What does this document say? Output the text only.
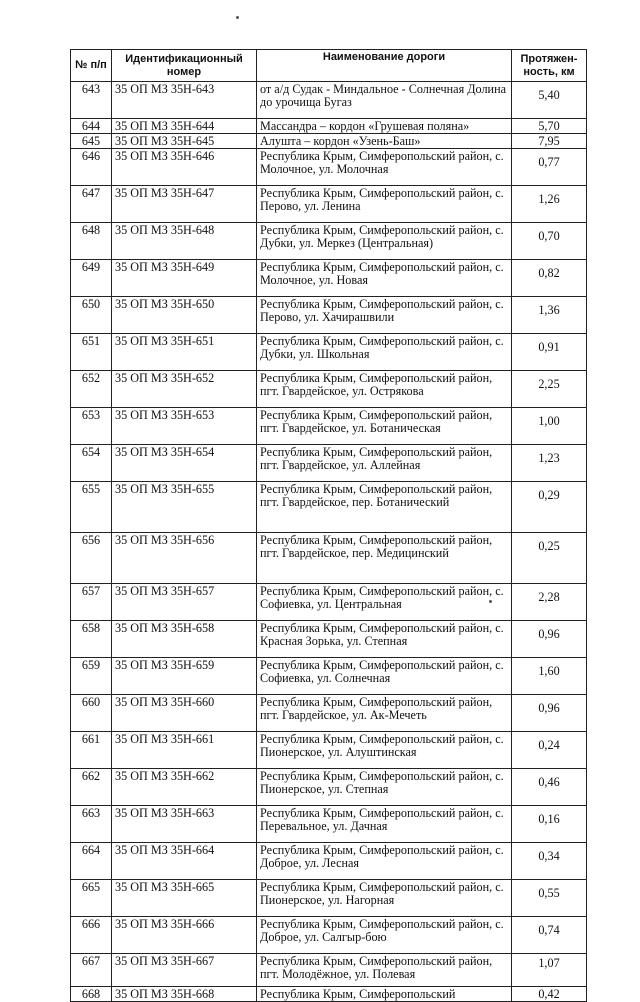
№ п/п	Идентификационный номер	Наименование дороги	Протяжен-ность, км
643	35 ОП МЗ 35Н-643	от а/д Судак - Миндальное - Солнечная Долина до урочища Бугаз	5,40
644	35 ОП МЗ 35Н-644	Массандра – кордон «Грушевая поляна»	5,70
645	35 ОП МЗ 35Н-645	Алушта – кордон «Узень-Баш»	7,95
646	35 ОП МЗ 35Н-646	Республика Крым, Симферопольский район, с. Молочное, ул. Молочная	0,77
647	35 ОП МЗ 35Н-647	Республика Крым, Симферопольский район, с. Перово, ул. Ленина	1,26
648	35 ОП МЗ 35Н-648	Республика Крым, Симферопольский район, с. Дубки, ул. Меркез (Центральная)	0,70
649	35 ОП МЗ 35Н-649	Республика Крым, Симферопольский район, с. Молочное, ул. Новая	0,82
650	35 ОП МЗ 35Н-650	Республика Крым, Симферопольский район, с. Перово, ул. Хачирашвили	1,36
651	35 ОП МЗ 35Н-651	Республика Крым, Симферопольский район, с. Дубки, ул. Школьная	0,91
652	35 ОП МЗ 35Н-652	Республика Крым, Симферопольский район, пгт. Гвардейское, ул. Острякова	2,25
653	35 ОП МЗ 35Н-653	Республика Крым, Симферопольский район, пгт. Гвардейское, ул. Ботаническая	1,00
654	35 ОП МЗ 35Н-654	Республика Крым, Симферопольский район, пгт. Гвардейское, ул. Аллейная	1,23
655	35 ОП МЗ 35Н-655	Республика Крым, Симферопольский район, пгт. Гвардейское, пер. Ботанический	0,29
656	35 ОП МЗ 35Н-656	Республика Крым, Симферопольский район, пгт. Гвардейское, пер. Медицинский	0,25
657	35 ОП МЗ 35Н-657	Республика Крым, Симферопольский район, с. Софиевка, ул. Центральная	2,28
658	35 ОП МЗ 35Н-658	Республика Крым, Симферопольский район, с. Красная Зорька, ул. Степная	0,96
659	35 ОП МЗ 35Н-659	Республика Крым, Симферопольский район, с. Софиевка, ул. Солнечная	1,60
660	35 ОП МЗ 35Н-660	Республика Крым, Симферопольский район, пгт. Гвардейское, ул. Ак-Мечеть	0,96
661	35 ОП МЗ 35Н-661	Республика Крым, Симферопольский район, с. Пионерское, ул. Алуштинская	0,24
662	35 ОП МЗ 35Н-662	Республика Крым, Симферопольский район, с. Пионерское, ул. Степная	0,46
663	35 ОП МЗ 35Н-663	Республика Крым, Симферопольский район, с. Перевальное, ул. Дачная	0,16
664	35 ОП МЗ 35Н-664	Республика Крым, Симферопольский район, с. Доброе, ул. Лесная	0,34
665	35 ОП МЗ 35Н-665	Республика Крым, Симферопольский район, с. Пионерское, ул. Нагорная	0,55
666	35 ОП МЗ 35Н-666	Республика Крым, Симферопольский район, с. Доброе, ул. Салгыр-бою	0,74
667	35 ОП МЗ 35Н-667	Республика Крым, Симферопольский район, пгт. Молодёжное, ул. Полевая	1,07
668	35 ОП МЗ 35Н-668	Республика Крым, Симферопольский	0,42
